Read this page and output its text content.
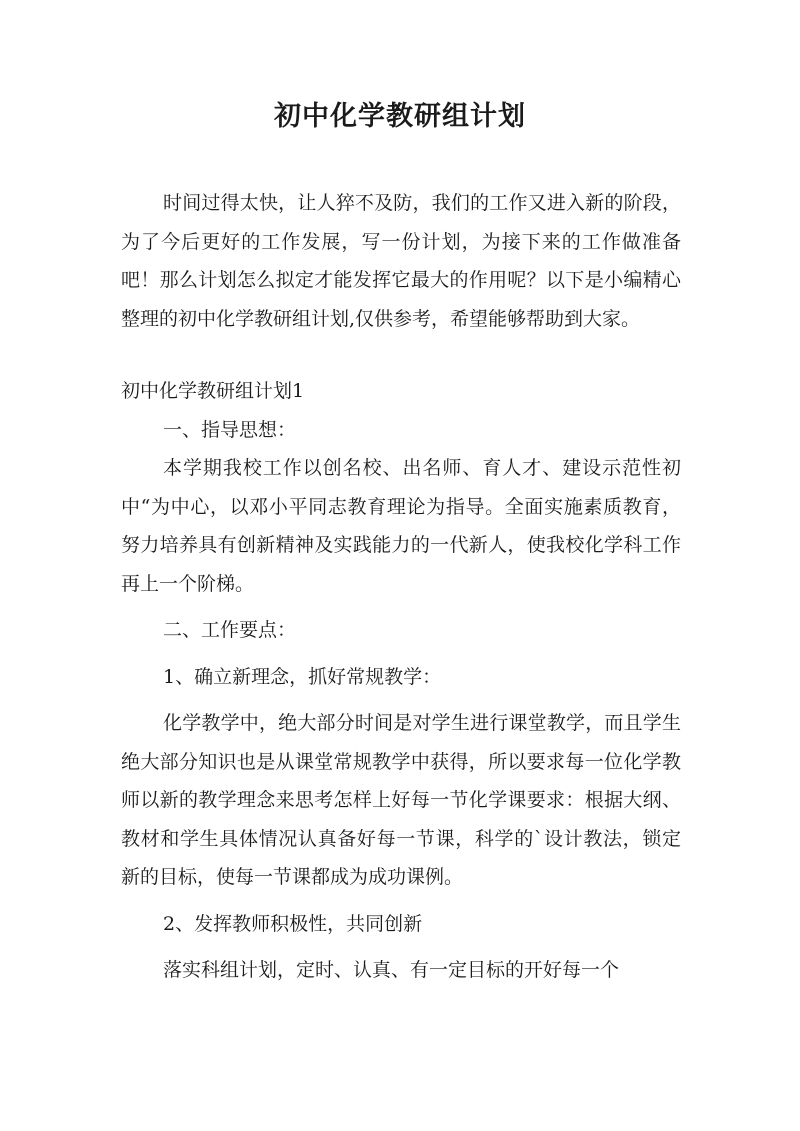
初中化学教研组计划

时间过得太快，让人猝不及防，我们的工作又进入新的阶段，为了今后更好的工作发展，写一份计划，为接下来的工作做准备吧！那么计划怎么拟定才能发挥它最大的作用呢？以下是小编精心整理的初中化学教研组计划,仅供参考，希望能够帮助到大家。

初中化学教研组计划1

一、指导思想：

本学期我校工作以创名校、出名师、育人才、建设示范性初中“为中心，以邓小平同志教育理论为指导。全面实施素质教育，努力培养具有创新精神及实践能力的一代新人，使我校化学科工作再上一个阶梯。

二、工作要点：

1、确立新理念，抓好常规教学：

化学教学中，绝大部分时间是对学生进行课堂教学，而且学生绝大部分知识也是从课堂常规教学中获得，所以要求每一位化学教师以新的教学理念来思考怎样上好每一节化学课要求：根据大纲、教材和学生具体情况认真备好每一节课，科学的`设计教法，锁定新的目标，使每一节课都成为成功课例。

2、发挥教师积极性，共同创新

落实科组计划，定时、认真、有一定目标的开好每一个
